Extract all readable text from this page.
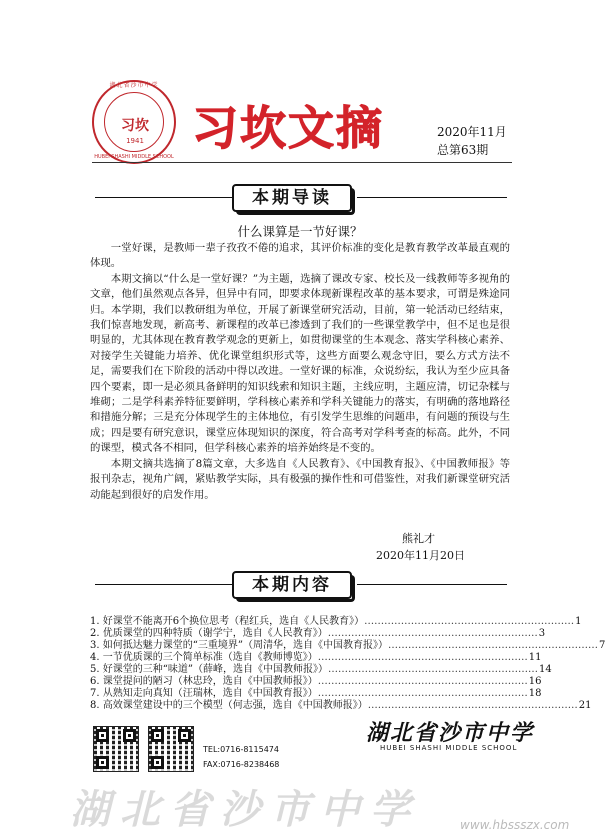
湖北省沙市中学
习坎
1941
HUBEI SHASHI MIDDLE SCHOOL
习坎文摘	2020年11月
总第63期
本期导读
什么课算是一节好课？

一堂好课，是教师一辈子孜孜不倦的追求，其评价标准的变化是教育教学改革最直观的体现。

本期文摘以“什么是一堂好课？”为主题，选摘了课改专家、校长及一线教师等多视角的文章，他们虽然观点各异，但异中有同，即要求体现新课程改革的基本要求，可谓是殊途同归。本学期，我们以教研组为单位，开展了新课堂研究活动，目前，第一轮活动已经结束，我们惊喜地发现，新高考、新课程的改革已渗透到了我们的一些课堂教学中，但不足也是很明显的，尤其体现在教育教学观念的更新上，如贯彻课堂的生本观念、落实学科核心素养、对接学生关键能力培养、优化课堂组织形式等，这些方面要么观念守旧，要么方式方法不足，需要我们在下阶段的活动中得以改进。一堂好课的标准，众说纷纭，我认为至少应具备四个要素，即一是必须具备鲜明的知识线索和知识主题，主线应明，主题应清，切记杂糅与堆砌；二是学科素养特征要鲜明，学科核心素养和学科关键能力的落实，有明确的落地路径和措施分解；三是充分体现学生的主体地位，有引发学生思维的问题串，有问题的预设与生成；四是要有研究意识，课堂应体现知识的深度，符合高考对学科考查的标高。此外，不同的课型，模式各不相同，但学科核心素养的培养始终是不变的。

本期文摘共选摘了8篇文章，大多选自《人民教育》、《中国教育报》、《中国教师报》等报刊杂志，视角广阔，紧贴教学实际，具有极强的操作性和可借鉴性，对我们新课堂研究活动能起到很好的启发作用。

熊礼才
2020年11月20日
本期内容
1. 好课堂不能离开6个换位思考（程红兵，选自《人民教育》） ……………………………………………………… 1
2. 优质课堂的四种特质（谢学宁，选自《人民教育》） ……………………………………………………… 3
3. 如何抵达魅力课堂的“三重境界”（周清华，选自《中国教育报》） ……………………………………………………… 7
4. 一节优质课的三个简单标准（选自《教师博览》） ……………………………………………………… 11
5. 好课堂的三种“味道”（薛峰，选自《中国教师报》） ……………………………………………………… 14
6. 课堂提问的陋习（林忠玲，选自《中国教师报》） ……………………………………………………… 16
7. 从熟知走向真知（汪瑞林，选自《中国教育报》） ……………………………………………………… 18
8. 高效课堂建设中的三个模型（何志强，选自《中国教师报》） ……………………………………………………… 21
TEL:0716-8115474
FAX:0716-8238468
湖北省沙市中学
HUBEI SHASHI MIDDLE SCHOOL
湖北省沙市中学	www.hbssszx.com
